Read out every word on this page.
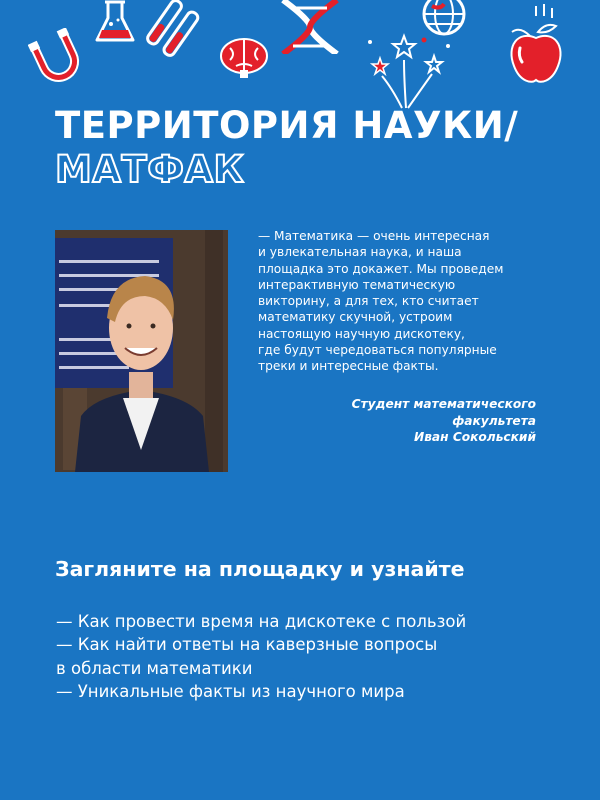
ТЕРРИТОРИЯ НАУКИ/
МАТФАК
— Математика — очень интересная
и увлекательная наука, и наша
площадка это докажет. Мы проведем
интерактивную тематическую
викторину, а для тех, кто считает
математику скучной, устроим
настоящую научную дискотеку,
где будут чередоваться популярные
треки и интересные факты.
Студент математического
факультета
Иван Сокольский
Загляните на площадку и узнайте
— Как провести время на дискотеке с пользой
— Как найти ответы на каверзные вопросы
в области математики
— Уникальные факты из научного мира
